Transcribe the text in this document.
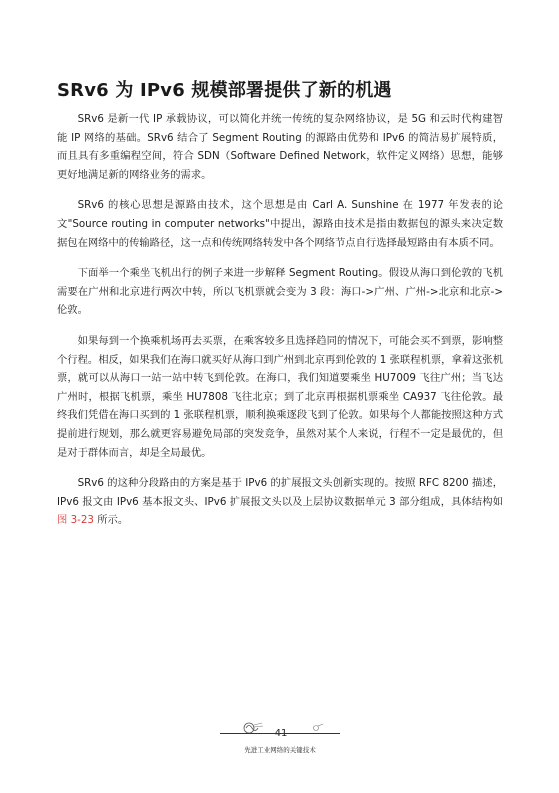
SRv6 为 IPv6 规模部署提供了新的机遇

SRv6 是新一代 IP 承载协议，可以简化并统一传统的复杂网络协议，是 5G 和云时代构建智能 IP 网络的基础。SRv6 结合了 Segment Routing 的源路由优势和 IPv6 的简洁易扩展特质，而且具有多重编程空间，符合 SDN（Software Defined Network，软件定义网络）思想，能够更好地满足新的网络业务的需求。

SRv6 的核心思想是源路由技术，这个思想是由 Carl A. Sunshine 在 1977 年发表的论文"Source routing in computer networks"中提出，源路由技术是指由数据包的源头来决定数据包在网络中的传输路径，这一点和传统网络转发中各个网络节点自行选择最短路由有本质不同。

下面举一个乘坐飞机出行的例子来进一步解释 Segment Routing。假设从海口到伦敦的飞机需要在广州和北京进行两次中转，所以飞机票就会变为 3 段：海口->广州、广州->北京和北京->伦敦。

如果每到一个换乘机场再去买票，在乘客较多且选择趋同的情况下，可能会买不到票，影响整个行程。相反，如果我们在海口就买好从海口到广州到北京再到伦敦的 1 张联程机票，拿着这张机票，就可以从海口一站一站中转飞到伦敦。在海口，我们知道要乘坐 HU7009 飞往广州；当飞达广州时，根据飞机票，乘坐 HU7808 飞往北京；到了北京再根据机票乘坐 CA937 飞往伦敦。最终我们凭借在海口买到的 1 张联程机票，顺利换乘逐段飞到了伦敦。如果每个人都能按照这种方式提前进行规划，那么就更容易避免局部的突发竞争，虽然对某个人来说，行程不一定是最优的，但是对于群体而言，却是全局最优。

SRv6 的这种分段路由的方案是基于 IPv6 的扩展报文头创新实现的。按照 RFC 8200 描述，IPv6 报文由 IPv6 基本报文头、IPv6 扩展报文头以及上层协议数据单元 3 部分组成，具体结构如图 3-23 所示。

41
先进工业网络的关键技术
